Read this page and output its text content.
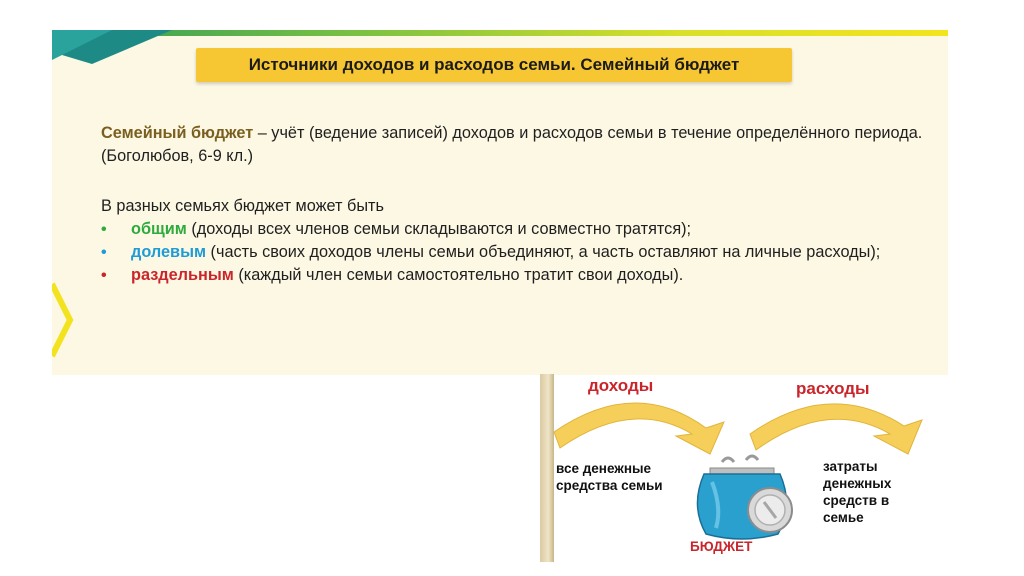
Источники доходов и расходов семьи. Семейный бюджет

Семейный бюджет – учёт (ведение записей) доходов и расходов семьи в течение определённого периода. (Боголюбов, 6-9 кл.)

В разных семьях бюджет может быть

• общим (доходы всех членов семьи складываются и совместно тратятся);
• долевым (часть своих доходов члены семьи объединяют, а часть оставляют на личные расходы);
• раздельным (каждый член семьи самостоятельно тратит свои доходы).
доходы	расходы
все денежные средства семьи
затраты денежных средств в семье
БЮДЖЕТ
